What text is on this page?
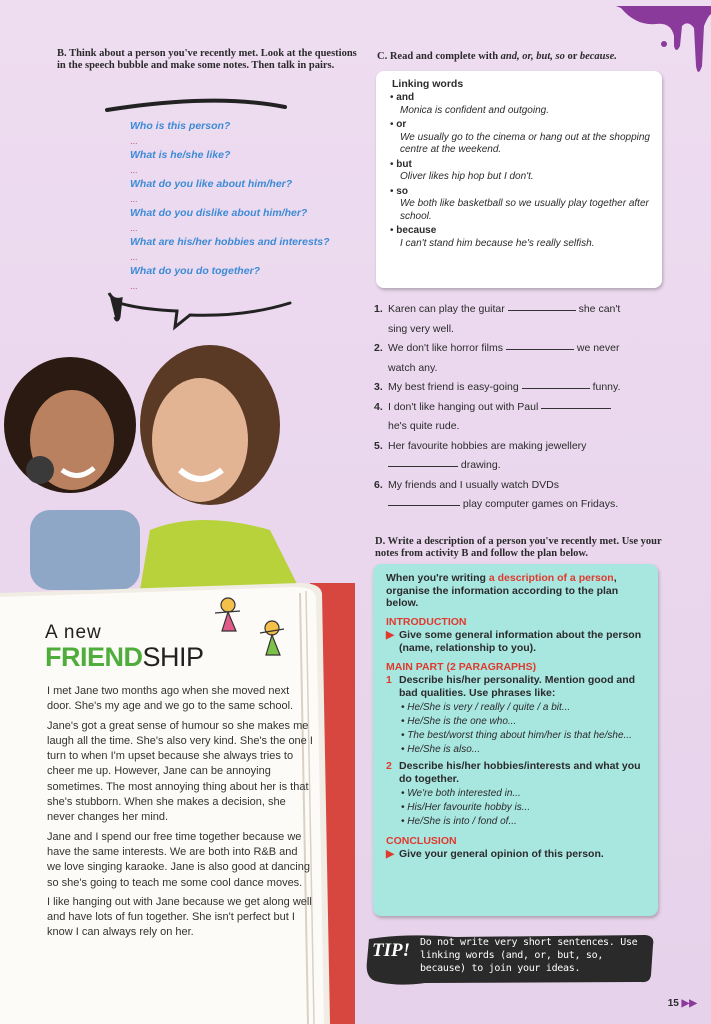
B. Think about a person you've recently met. Look at the questions in the speech bubble and make some notes. Then talk in pairs.
Who is this person?
...
What is he/she like?
...
What do you like about him/her?
...
What do you dislike about him/her?
...
What are his/her hobbies and interests?
...
What do you do together?
...
C. Read and complete with and, or, but, so or because.
Linking words
• and
Monica is confident and outgoing.
• or
We usually go to the cinema or hang out at the shopping centre at the weekend.
• but
Oliver likes hip hop but I don't.
• so
We both like basketball so we usually play together after school.
• because
I can't stand him because he's really selfish.
1. Karen can play the guitar

	she can't
sing very well.
2. We don't like horror films

	we never
watch any.
3. My best friend is easy-going

	funny.
4. I don't like hanging out with Paul

he's quite rude.
5. Her favourite hobbies are making jewellery

drawing.
6. My friends and I usually watch DVDs

play computer games on Fridays.
D. Write a description of a person you've recently met. Use your notes from activity B and follow the plan below.
When you're writing a description of a person, organise the information according to the plan below.
INTRODUCTION
▶ Give some general information about the person (name, relationship to you).
MAIN PART (2 PARAGRAPHS)
1 Describe his/her personality. Mention good and bad qualities. Use phrases like:
• He/She is very / really / quite / a bit...
• He/She is the one who...
• The best/worst thing about him/her is that he/she...
• He/She is also...
2 Describe his/her hobbies/interests and what you do together.
• We're both interested in...
• His/Her favourite hobby is...
• He/She is into / fond of...
CONCLUSION
▶ Give your general opinion of this person.
TIP! Do not write very short sentences. Use linking words (and, or, but, so, because) to join your ideas.
15 ▶▶
A new
FRIENDSHIP

I met Jane two months ago when she moved next door. She's my age and we go to the same school.

Jane's got a great sense of humour so she makes me laugh all the time. She's also very kind. She's the one I turn to when I'm upset because she always tries to cheer me up. However, Jane can be annoying sometimes. The most annoying thing about her is that she's stubborn. When she makes a decision, she never changes her mind.

Jane and I spend our free time together because we have the same interests. We are both into R&B and we love singing karaoke. Jane is also good at dancing so she's going to teach me some cool dance moves.

I like hanging out with Jane because we get along well and have lots of fun together. She isn't perfect but I know I can always rely on her.
